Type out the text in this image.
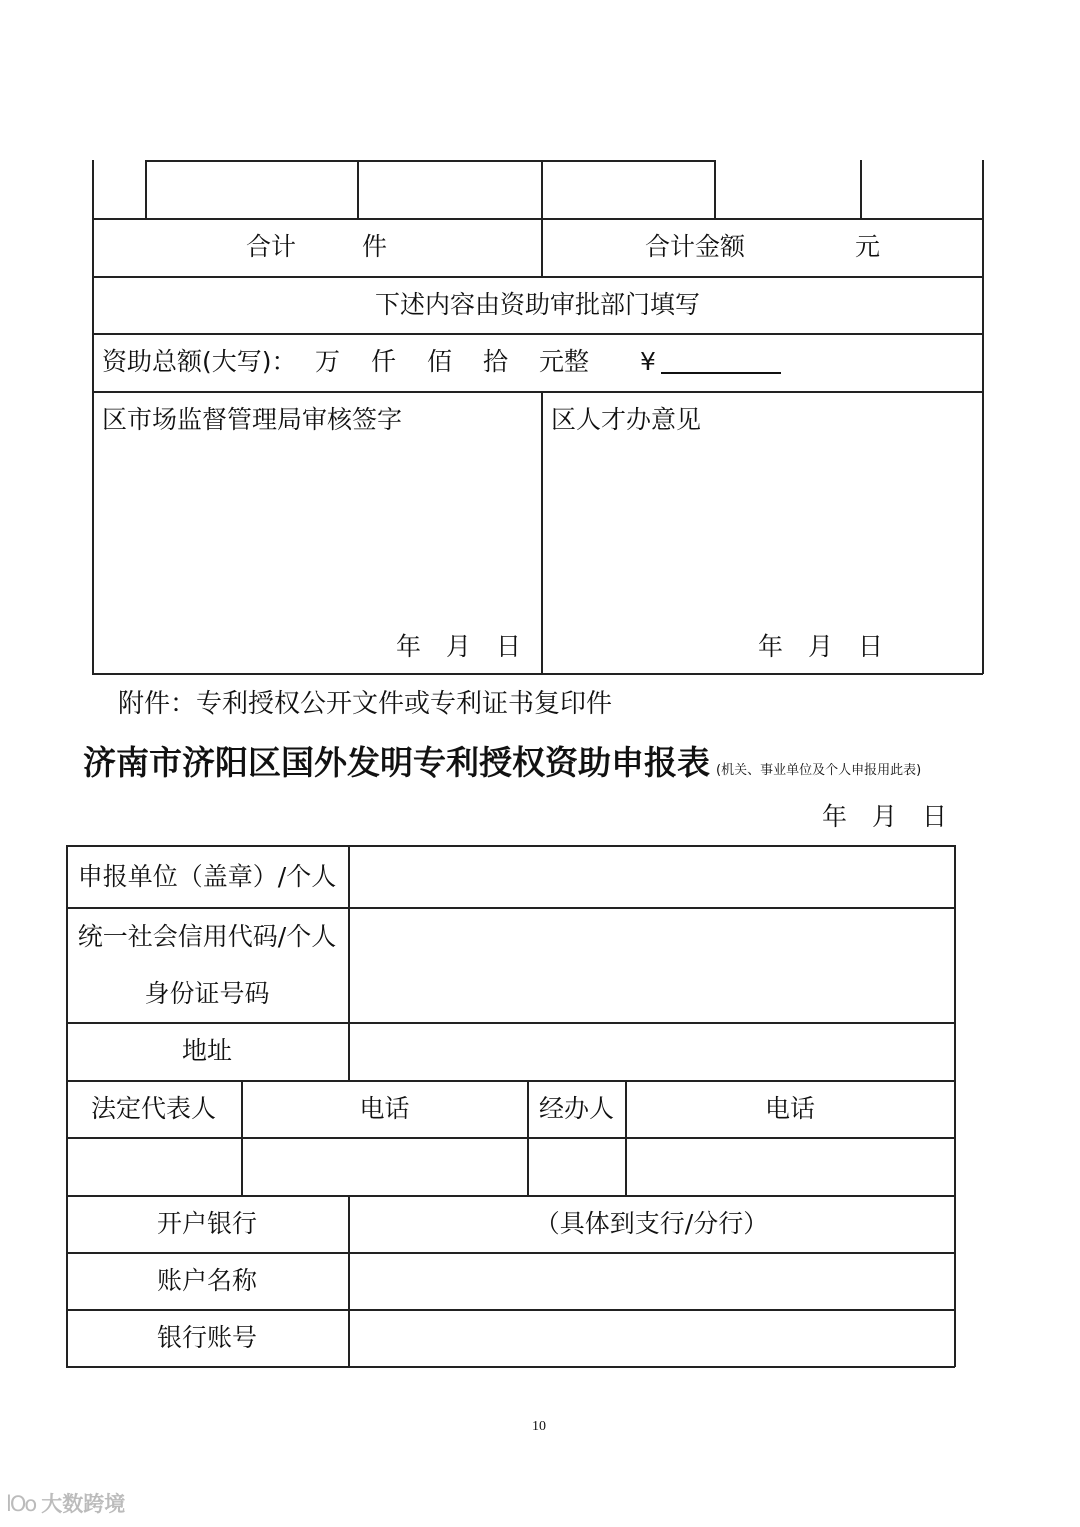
合计	件	合计金额	元
下述内容由资助审批部门填写
资助总额(大写)： 万 仟 佰 拾 元整 ¥
区市场监督管理局审核签字	区人才办意见
年　月　日	年　月　日
附件：专利授权公开文件或专利证书复印件
济南市济阳区国外发明专利授权资助申报表 (机关、事业单位及个人申报用此表)
年　月　日
申报单位（盖章）/个人
统一社会信用代码/个人
身份证号码
地址
法定代表人	电话	经办人	电话
开户银行	（具体到支行/分行）
账户名称
银行账号
10
lOo 大数跨境
